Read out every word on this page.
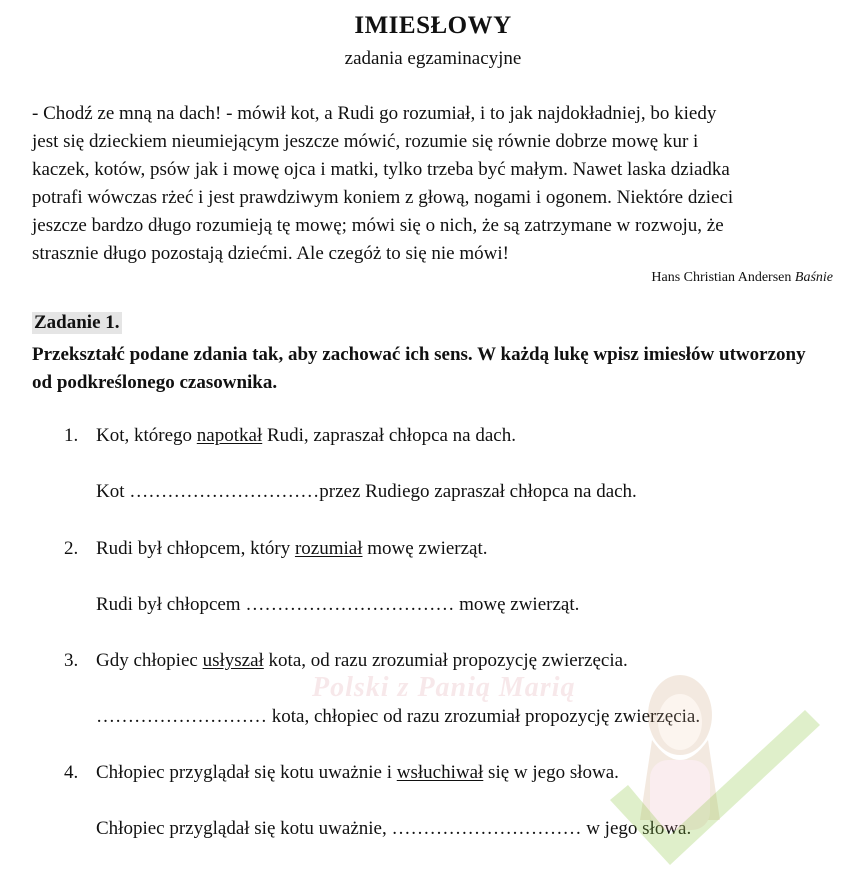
IMIESŁOWY
zadania egzaminacyjne

- Chodź ze mną na dach! - mówił kot, a Rudi go rozumiał, i to jak najdokładniej, bo kiedy

jest się dzieckiem nieumiejącym jeszcze mówić, rozumie się równie dobrze mowę kur i

kaczek, kotów, psów jak i mowę ojca i matki, tylko trzeba być małym. Nawet laska dziadka

potrafi wówczas rżeć i jest prawdziwym koniem z głową, nogami i ogonem. Niektóre dzieci

jeszcze bardzo długo rozumieją tę mowę; mówi się o nich, że są zatrzymane w rozwoju, że

strasznie długo pozostają dziećmi. Ale czegóż to się nie mówi!

Hans Christian Andersen Baśnie
Zadanie 1.
Przekształć podane zdania tak, aby zachować ich sens. W każdą lukę wpisz imiesłów utworzony od podkreślonego czasownika.
1. Kot, którego napotkał Rudi, zapraszał chłopca na dach.
Kot …………………………przez Rudiego zapraszał chłopca na dach.
2. Rudi był chłopcem, który rozumiał mowę zwierząt.
Rudi był chłopcem …………………………… mowę zwierząt.
3. Gdy chłopiec usłyszał kota, od razu zrozumiał propozycję zwierzęcia.
……………………… kota, chłopiec od razu zrozumiał propozycję zwierzęcia.
4. Chłopiec przyglądał się kotu uważnie i wsłuchiwał się w jego słowa.
Chłopiec przyglądał się kotu uważnie, ………………………… w jego słowa.
Polski z Panią Marią
